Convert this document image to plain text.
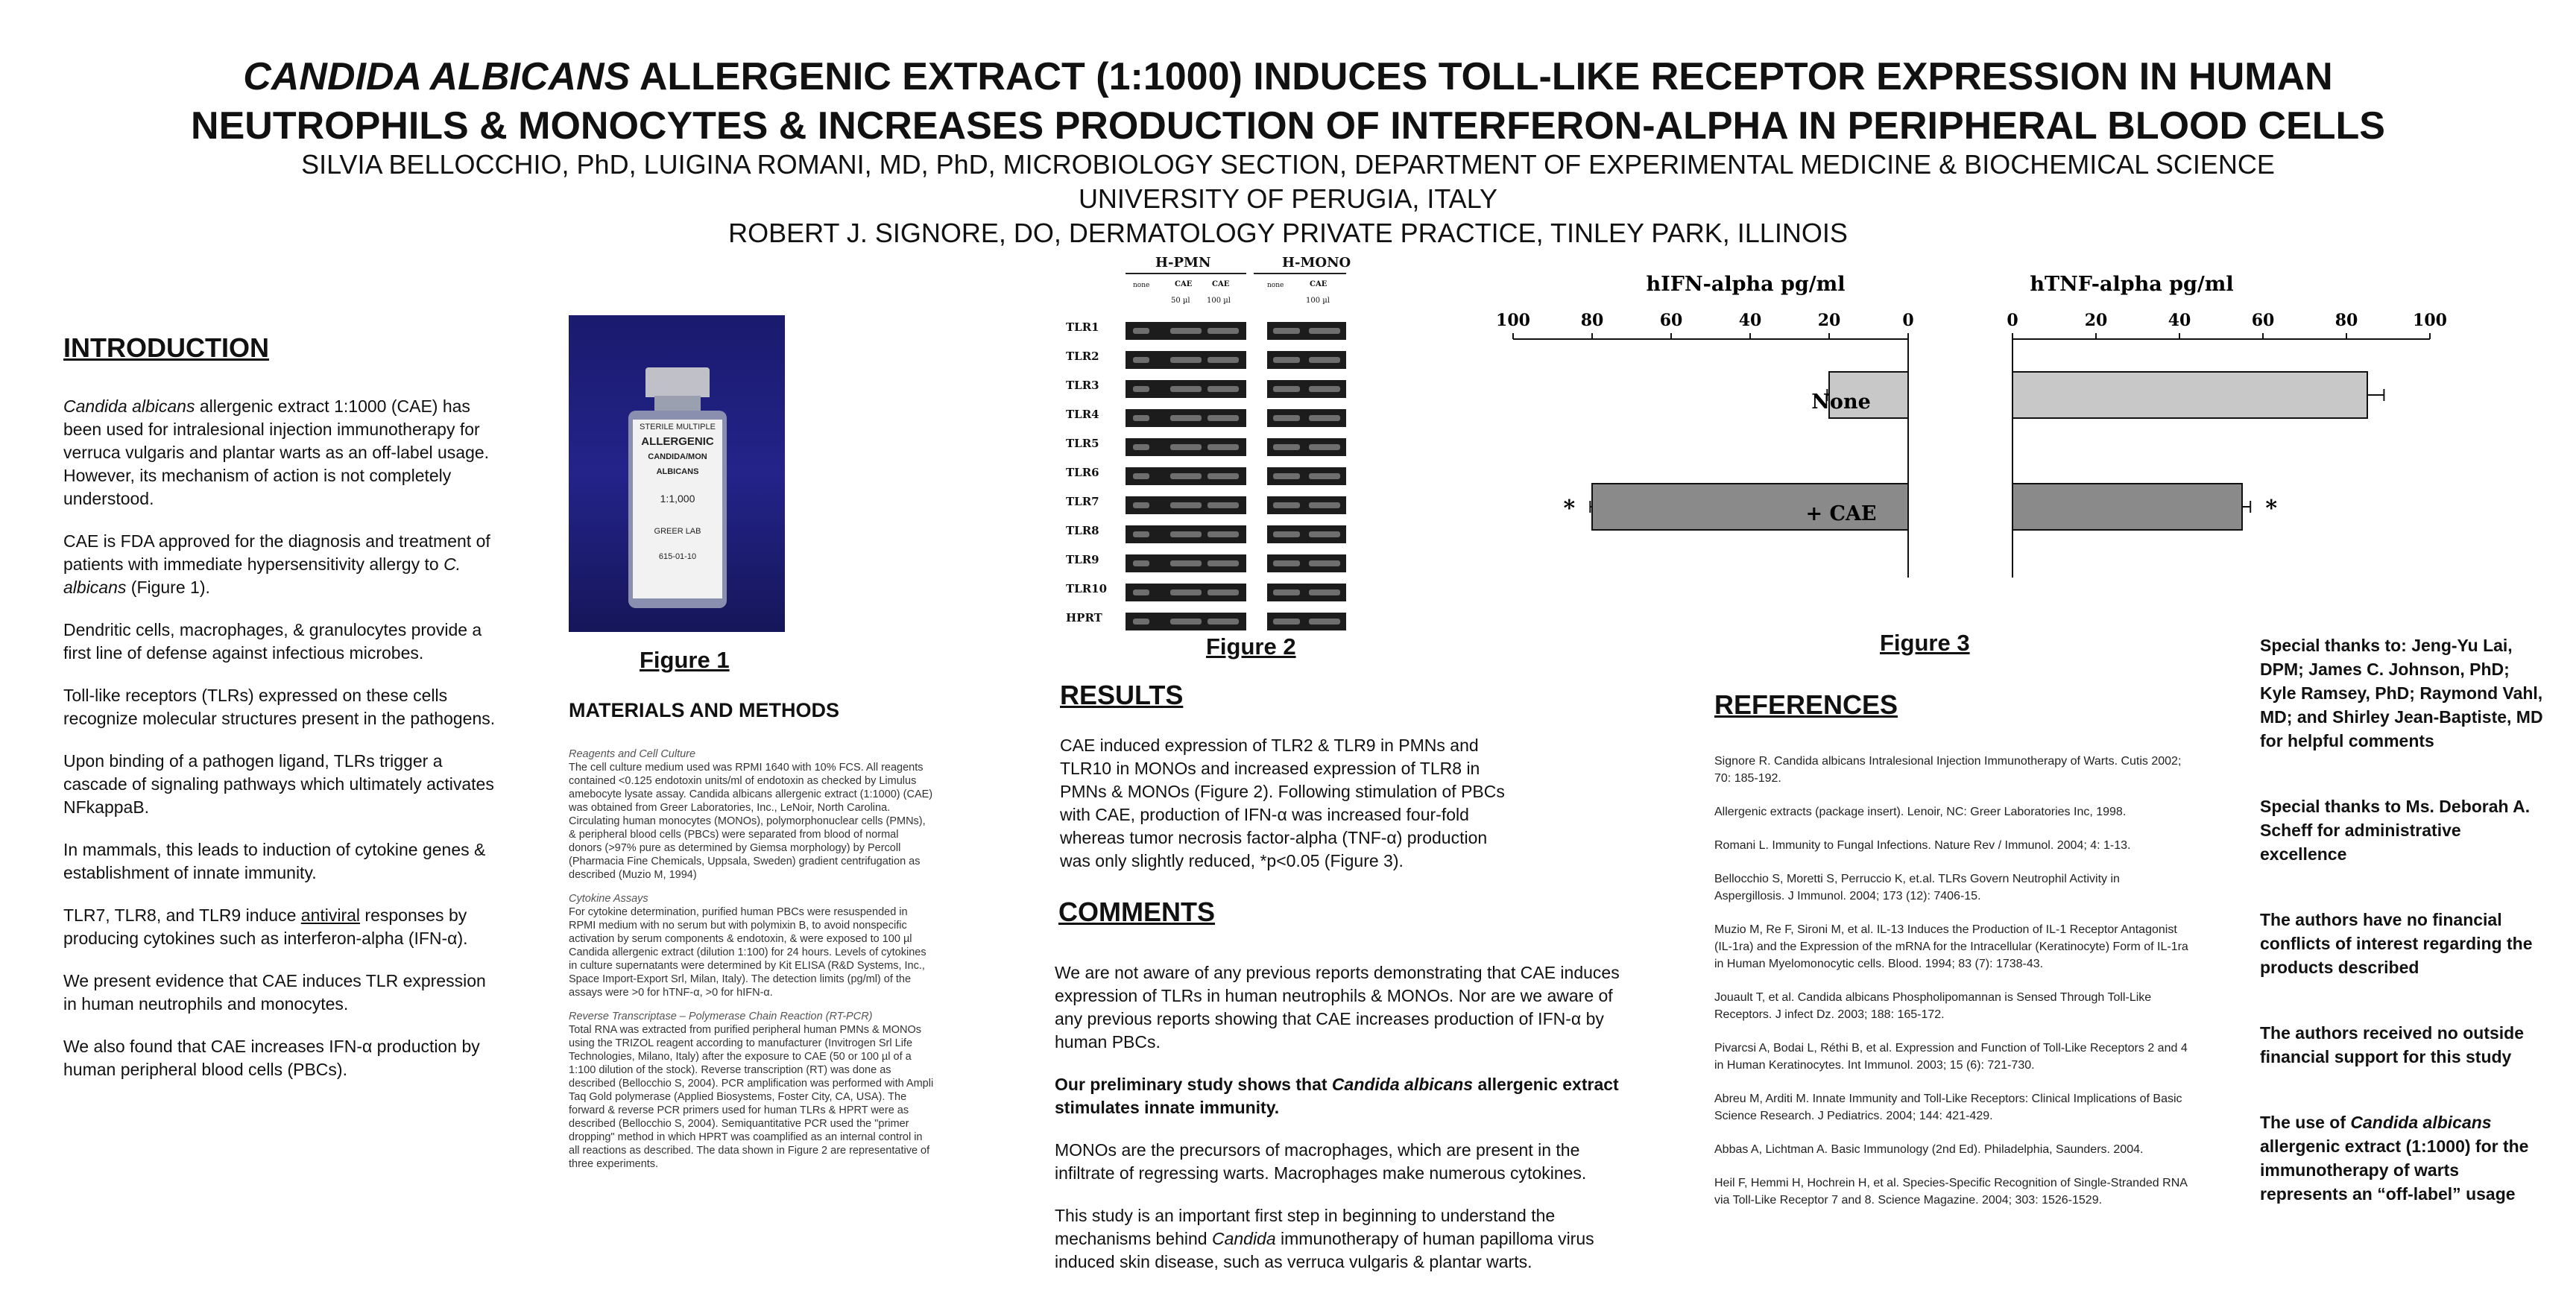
CANDIDA ALBICANS ALLERGENIC EXTRACT (1:1000) INDUCES TOLL-LIKE RECEPTOR EXPRESSION IN HUMAN
NEUTROPHILS & MONOCYTES & INCREASES PRODUCTION OF INTERFERON-ALPHA IN PERIPHERAL BLOOD CELLS
SILVIA BELLOCCHIO, PhD, LUIGINA ROMANI, MD, PhD, MICROBIOLOGY SECTION, DEPARTMENT OF EXPERIMENTAL MEDICINE & BIOCHEMICAL SCIENCE
UNIVERSITY OF PERUGIA, ITALY
ROBERT J. SIGNORE, DO, DERMATOLOGY PRIVATE PRACTICE, TINLEY PARK, ILLINOIS
INTRODUCTION

Candida albicans allergenic extract 1:1000 (CAE) has been used for intralesional injection immunotherapy for verruca vulgaris and plantar warts as an off-label usage. However, its mechanism of action is not completely understood.

CAE is FDA approved for the diagnosis and treatment of patients with immediate hypersensitivity allergy to C. albicans (Figure 1).

Dendritic cells, macrophages, & granulocytes provide a first line of defense against infectious microbes.

Toll-like receptors (TLRs) expressed on these cells recognize molecular structures present in the pathogens.

Upon binding of a pathogen ligand, TLRs trigger a cascade of signaling pathways which ultimately activates NFkappaB.

In mammals, this leads to induction of cytokine genes & establishment of innate immunity.

TLR7, TLR8, and TLR9 induce antiviral responses by producing cytokines such as interferon-alpha (IFN-α).

We present evidence that CAE induces TLR expression in human neutrophils and monocytes.

We also found that CAE increases IFN-α production by human peripheral blood cells (PBCs).

STERILE MULTIPLE
ALLERGENIC
CANDIDA/MON
ALBICANS
1:1,000
GREER LAB
615-01-10
Figure 1
MATERIALS AND METHODS
Reagents and Cell Culture

The cell culture medium used was RPMI 1640 with 10% FCS. All reagents contained <0.125 endotoxin units/ml of endotoxin as checked by Limulus amebocyte lysate assay. Candida albicans allergenic extract (1:1000) (CAE) was obtained from Greer Laboratories, Inc., LeNoir, North Carolina. Circulating human monocytes (MONOs), polymorphonuclear cells (PMNs), & peripheral blood cells (PBCs) were separated from blood of normal donors (>97% pure as determined by Giemsa morphology) by Percoll (Pharmacia Fine Chemicals, Uppsala, Sweden) gradient centrifugation as described (Muzio M, 1994)

Cytokine Assays

For cytokine determination, purified human PBCs were resuspended in RPMI medium with no serum but with polymixin B, to avoid nonspecific activation by serum components & endotoxin, & were exposed to 100 µl Candida allergenic extract (dilution 1:100) for 24 hours. Levels of cytokines in culture supernatants were determined by Kit ELISA (R&D Systems, Inc., Space Import-Export Srl, Milan, Italy). The detection limits (pg/ml) of the assays were >0 for hTNF-α, >0 for hIFN-α.

Reverse Transcriptase – Polymerase Chain Reaction (RT-PCR)

Total RNA was extracted from purified peripheral human PMNs & MONOs using the TRIZOL reagent according to manufacturer (Invitrogen Srl Life Technologies, Milano, Italy) after the exposure to CAE (50 or 100 µl of a 1:100 dilution of the stock). Reverse transcription (RT) was done as described (Bellocchio S, 2004). PCR amplification was performed with Ampli Taq Gold polymerase (Applied Biosystems, Foster City, CA, USA). The forward & reverse PCR primers used for human TLRs & HPRT were as described (Bellocchio S, 2004). Semiquantitative PCR used the "primer dropping" method in which HPRT was coamplified as an internal control in all reactions as described. The data shown in Figure 2 are representative of three experiments.

H-PMN	H-MONO
none	CAE	CAE
50 µl 100 µl
none	CAE
100 µl
TLR1
TLR2
TLR3
TLR4
TLR5
TLR6
TLR7
TLR8
TLR9
TLR10
HPRT
Figure 2
RESULTS
CAE induced expression of TLR2 & TLR9 in PMNs and TLR10 in MONOs and increased expression of TLR8 in PMNs & MONOs (Figure 2). Following stimulation of PBCs with CAE, production of IFN-α was increased four-fold whereas tumor necrosis factor-alpha (TNF-α) production was only slightly reduced, *p<0.05 (Figure 3).
COMMENTS

We are not aware of any previous reports demonstrating that CAE induces expression of TLRs in human neutrophils & MONOs. Nor are we aware of any previous reports showing that CAE increases production of IFN-α by human PBCs.

Our preliminary study shows that Candida albicans allergenic extract stimulates innate immunity.

MONOs are the precursors of macrophages, which are present in the infiltrate of regressing warts. Macrophages make numerous cytokines.

This study is an important first step in beginning to understand the mechanisms behind Candida immunotherapy of human papilloma virus induced skin disease, such as verruca vulgaris & plantar warts.

hIFN-alpha pg/ml	hTNF-alpha pg/ml
100	80	60	40	20	0
*
0	20	40	60	80	100
*
None
+ CAE
Figure 3
REFERENCES

Signore R. Candida albicans Intralesional Injection Immunotherapy of Warts. Cutis 2002; 70: 185-192.

Allergenic extracts (package insert). Lenoir, NC: Greer Laboratories Inc, 1998.

Romani L. Immunity to Fungal Infections. Nature Rev / Immunol. 2004; 4: 1-13.

Bellocchio S, Moretti S, Perruccio K, et.al. TLRs Govern Neutrophil Activity in Aspergillosis. J Immunol. 2004; 173 (12): 7406-15.

Muzio M, Re F, Sironi M, et al. IL-13 Induces the Production of IL-1 Receptor Antagonist (IL-1ra) and the Expression of the mRNA for the Intracellular (Keratinocyte) Form of IL-1ra in Human Myelomonocytic cells. Blood. 1994; 83 (7): 1738-43.

Jouault T, et al. Candida albicans Phospholipomannan is Sensed Through Toll-Like Receptors. J infect Dz. 2003; 188: 165-172.

Pivarcsi A, Bodai L, Réthi B, et al. Expression and Function of Toll-Like Receptors 2 and 4 in Human Keratinocytes. Int Immunol. 2003; 15 (6): 721-730.

Abreu M, Arditi M. Innate Immunity and Toll-Like Receptors: Clinical Implications of Basic Science Research. J Pediatrics. 2004; 144: 421-429.

Abbas A, Lichtman A. Basic Immunology (2nd Ed). Philadelphia, Saunders. 2004.

Heil F, Hemmi H, Hochrein H, et al. Species-Specific Recognition of Single-Stranded RNA via Toll-Like Receptor 7 and 8. Science Magazine. 2004; 303: 1526-1529.

Special thanks to: Jeng-Yu Lai, DPM; James C. Johnson, PhD; Kyle Ramsey, PhD; Raymond Vahl, MD; and Shirley Jean-Baptiste, MD for helpful comments

Special thanks to Ms. Deborah A. Scheff for administrative excellence

The authors have no financial conflicts of interest regarding the products described

The authors received no outside financial support for this study

The use of Candida albicans allergenic extract (1:1000) for the immunotherapy of warts represents an “off-label” usage
